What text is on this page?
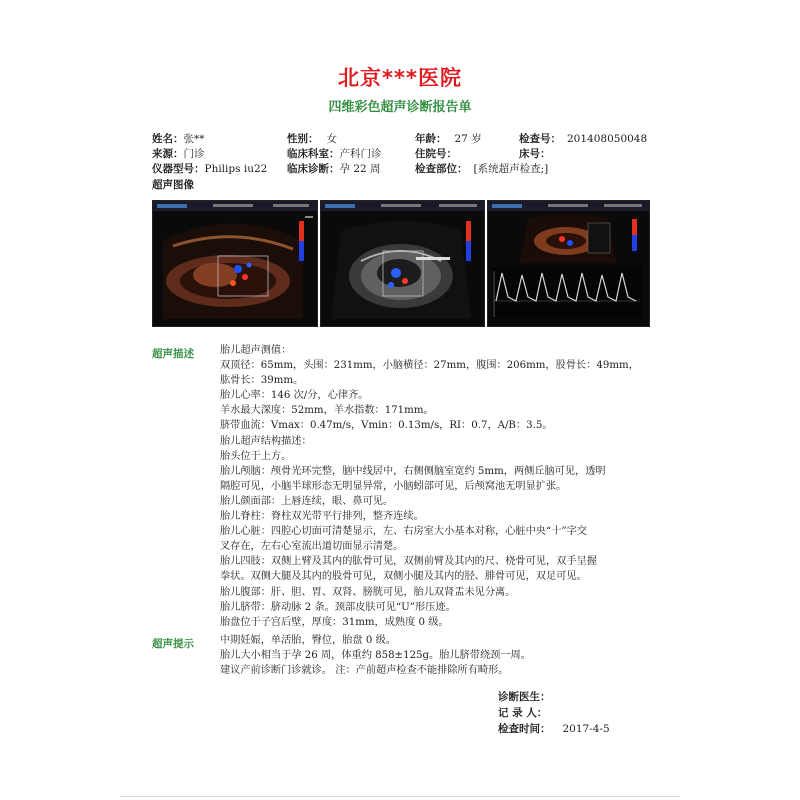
北京***医院
四维彩色超声诊断报告单
姓名：张**	性别： 女	年龄： 27 岁	检查号： 201408050048
来源：门诊	临床科室：产科门诊	住院号：	床号：
仪器型号：Philips iu22 临床诊断：孕 22 周	检查部位： [系统超声检查;]
超声图像
超声描述	胎儿超声测值：
双顶径：65mm，头围：231mm，小脑横径：27mm，腹围：206mm，股骨长：49mm，
肱骨长：39mm。
胎儿心率：146 次/分，心律齐。
羊水最大深度：52mm，羊水指数：171mm。
脐带血流：Vmax：0.47m/s，Vmin：0.13m/s，RI：0.7，A/B：3.5。
胎儿超声结构描述：
胎头位于上方。
胎儿颅脑：颅骨光环完整，脑中线居中，右侧侧脑室宽约 5mm，两侧丘脑可见，透明
隔腔可见，小脑半球形态无明显异常，小脑蚓部可见，后颅窝池无明显扩张。
胎儿颜面部：上唇连续，眼、鼻可见。
胎儿脊柱：脊柱双光带平行排列，整齐连续。
胎儿心脏：四腔心切面可清楚显示，左、右房室大小基本对称，心脏中央“十”字交
叉存在，左右心室流出道切面显示清楚。
胎儿四肢：双侧上臂及其内的肱骨可见，双侧前臂及其内的尺、桡骨可见，双手呈握
拳状。双侧大腿及其内的股骨可见，双侧小腿及其内的胫、腓骨可见，双足可见。
胎儿腹部：肝、胆、胃、双肾、膀胱可见，胎儿双肾盂未见分离。
胎儿脐带：脐动脉 2 条。颈部皮肤可见“U”形压迹。
胎盘位于子宫后壁，厚度：31mm，成熟度 0 级。
超声提示	中期妊娠，单活胎，臀位，胎盘 0 级。
胎儿大小相当于孕 26 周，体重约 858±125g。胎儿脐带绕颈一周。
建议产前诊断门诊就诊。 注：产前超声检查不能排除所有畸形。
诊断医生：
记 录 人：
检查时间： 2017-4-5
